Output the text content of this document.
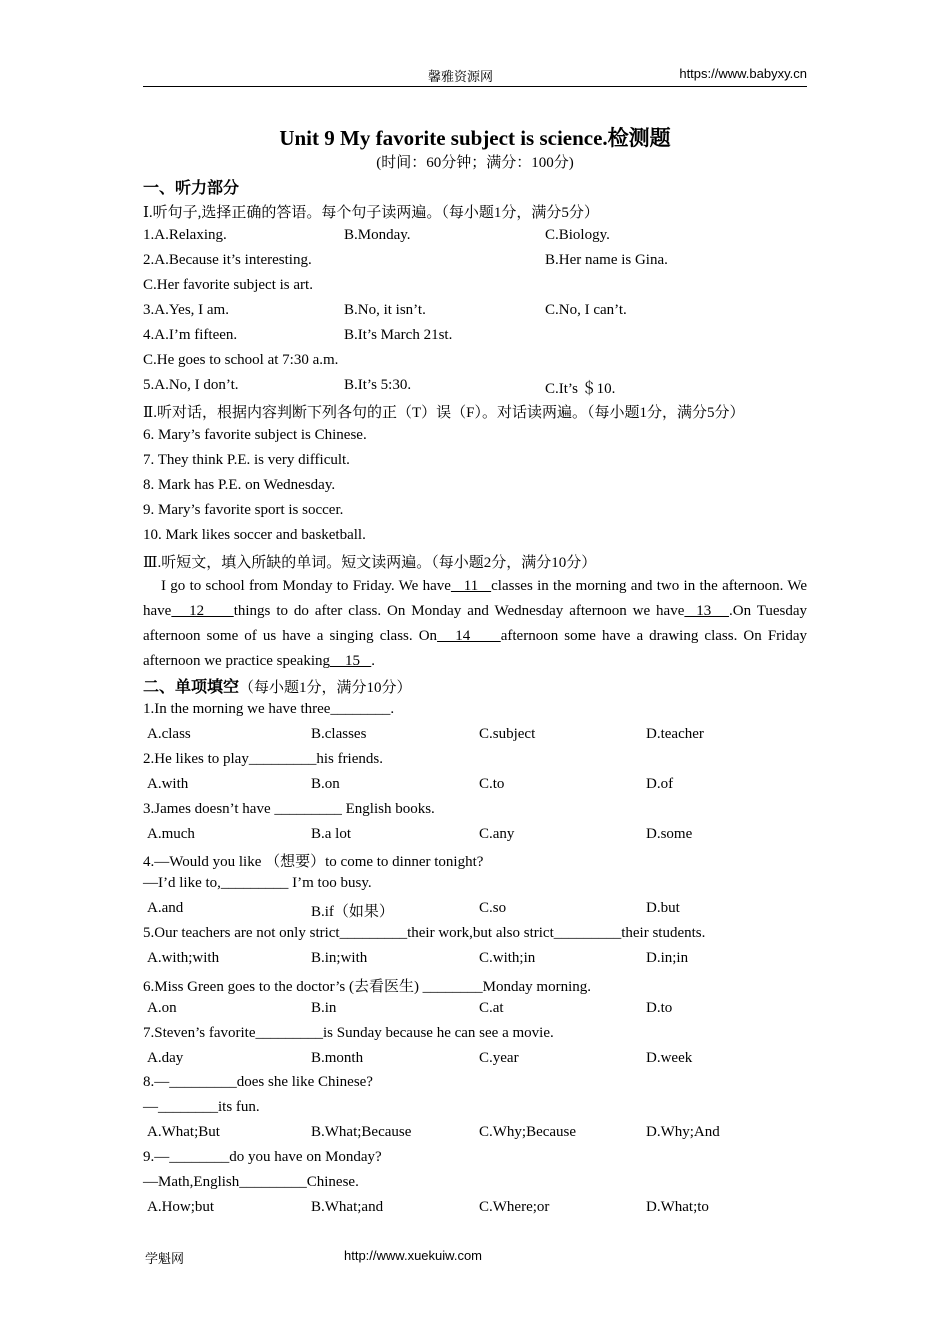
馨雅资源网	https://www.babyxy.cn
Unit 9 My favorite subject is science.检测题
(时间：60分钟；满分：100分)
一、听力部分
Ⅰ.听句子,选择正确的答语。每个句子读两遍。（每小题1分，满分5分）
1.A.Relaxing.	B.Monday.	C.Biology.
2.A.Because it’s interesting.	B.Her name is Gina.
C.Her favorite subject is art.
3.A.Yes, I am.	B.No, it isn’t.	C.No, I can’t.
4.A.I’m fifteen.	B.It’s March 21st.
C.He goes to school at 7:30 a.m.
5.A.No, I don’t.	B.It’s 5:30.	C.It’s ＄10.
Ⅱ.听对话，根据内容判断下列各句的正（T）误（F）。对话读两遍。（每小题1分，满分5分）
6. Mary’s favorite subject is Chinese.
7. They think P.E. is very difficult.
8. Mark has P.E. on Wednesday.
9. Mary’s favorite sport is soccer.
10. Mark likes soccer and basketball.
Ⅲ.听短文，填入所缺的单词。短文读两遍。（每小题2分，满分10分）
I go to school from Monday to Friday. We have   11   classes in the morning and two in the afternoon. We have   12     things to do after class. On Monday and Wednesday afternoon we have  13   .On Tuesday afternoon some of us have a singing class. On   14     afternoon some have a drawing class. On Friday afternoon we practice speaking    15   .
二、单项填空（每小题1分，满分10分）
1.In the morning we have three________.
A.class	B.classes	C.subject	D.teacher
2.He likes to play_________his friends.
A.with	B.on	C.to	D.of
3.James doesn’t have _________ English books.
A.much	B.a lot	C.any	D.some
4.—Would you like （想要）to come to dinner tonight?
—I’d like to,_________ I’m too busy.
A.and	B.if（如果）	C.so	D.but
5.Our teachers are not only strict_________their work,but also strict_________their students.
A.with;with	B.in;with	C.with;in	D.in;in
6.Miss Green goes to the doctor’s (去看医生) ________Monday morning.
A.on	B.in	C.at	D.to
7.Steven’s favorite_________is Sunday because he can see a movie.
A.day	B.month	C.year	D.week
8.—_________does she like Chinese?
—________its fun.
A.What;But	B.What;Because	C.Why;Because	D.Why;And
9.—________do you have on Monday?
—Math,English_________Chinese.
A.How;but	B.What;and	C.Where;or	D.What;to
学魁网	http://www.xuekuiw.com
